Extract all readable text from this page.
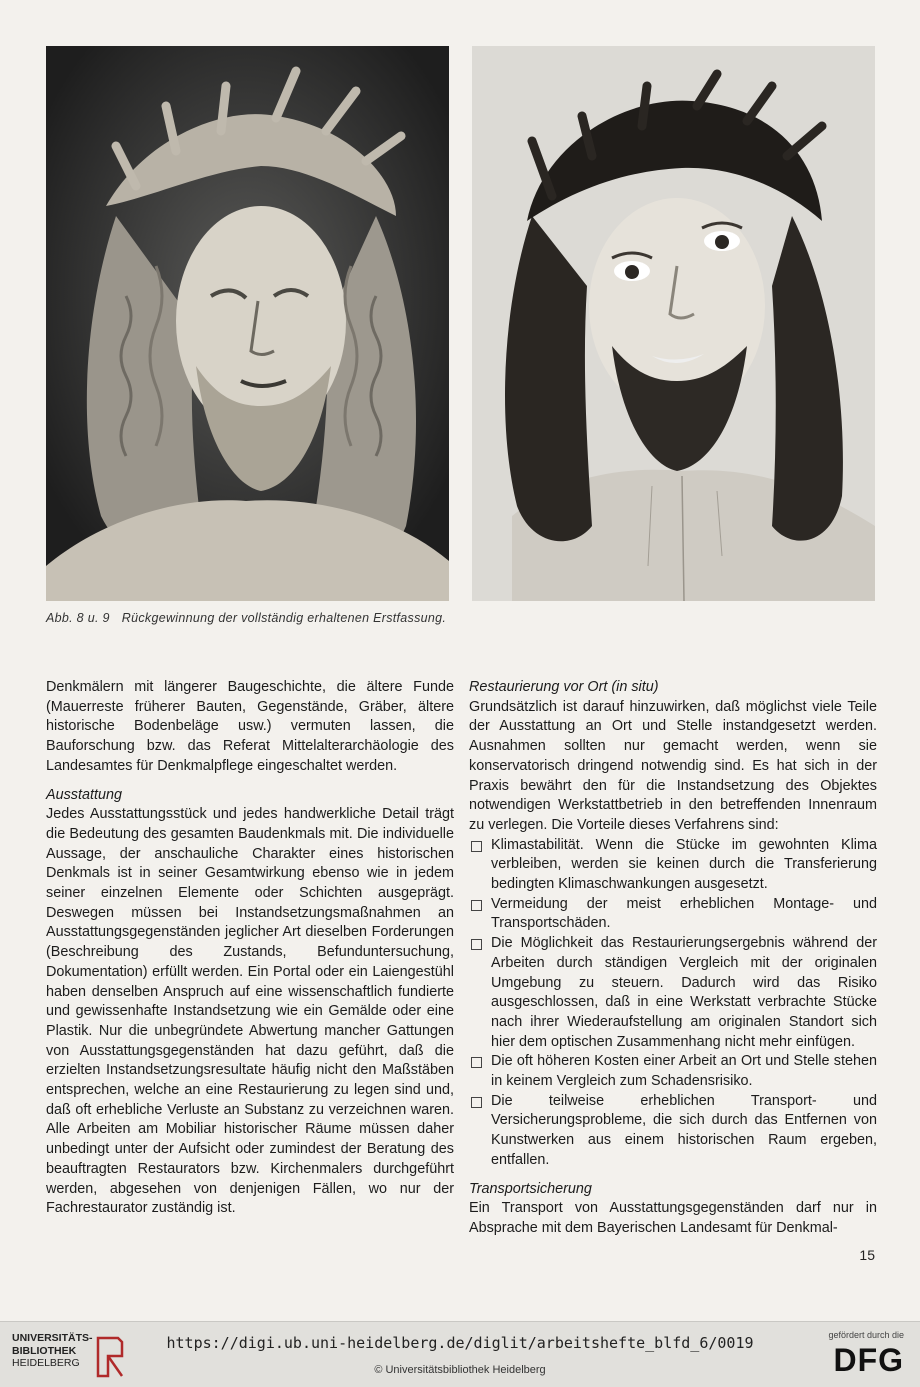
Abb. 8 u. 9 Rückgewinnung der vollständig erhaltenen Erstfassung.

Denkmälern mit längerer Baugeschichte, die ältere Funde (Mauerreste früherer Bauten, Gegenstände, Gräber, ältere historische Bodenbeläge usw.) vermuten lassen, die Bauforschung bzw. das Referat Mittelalterarchäologie des Landesamtes für Denkmalpflege eingeschaltet werden.

Ausstattung

Jedes Ausstattungsstück und jedes handwerkliche Detail trägt die Bedeutung des gesamten Baudenkmals mit. Die individuelle Aussage, der anschauliche Charakter eines historischen Denkmals ist in seiner Gesamtwirkung ebenso wie in jedem seiner einzelnen Elemente oder Schichten ausgeprägt. Deswegen müssen bei Instandsetzungsmaßnahmen an Ausstattungsgegenständen jeglicher Art dieselben Forderungen (Beschreibung des Zustands, Befunduntersuchung, Dokumentation) erfüllt werden. Ein Portal oder ein Laiengestühl haben denselben Anspruch auf eine wissenschaftlich fundierte und gewissenhafte Instandsetzung wie ein Gemälde oder eine Plastik. Nur die unbegründete Abwertung mancher Gattungen von Ausstattungsgegenständen hat dazu geführt, daß die erzielten Instandsetzungsresultate häufig nicht den Maßstäben entsprechen, welche an eine Restaurierung zu legen sind und, daß oft erhebliche Verluste an Substanz zu verzeichnen waren. Alle Arbeiten am Mobiliar historischer Räume müssen daher unbedingt unter der Aufsicht oder zumindest der Beratung des beauftragten Restaurators bzw. Kirchenmalers durchgeführt werden, abgesehen von denjenigen Fällen, wo nur der Fachrestaurator zuständig ist.

Restaurierung vor Ort (in situ)

Grundsätzlich ist darauf hinzuwirken, daß möglichst viele Teile der Ausstattung an Ort und Stelle instandgesetzt werden. Ausnahmen sollten nur gemacht werden, wenn sie konservatorisch dringend notwendig sind. Es hat sich in der Praxis bewährt den für die Instandsetzung des Objektes notwendigen Werkstattbetrieb in den betreffenden Innenraum zu verlegen. Die Vorteile dieses Verfahrens sind:

Klimastabilität. Wenn die Stücke im gewohnten Klima verbleiben, werden sie keinen durch die Transferierung bedingten Klimaschwankungen ausgesetzt.
Vermeidung der meist erheblichen Montage- und Transportschäden.
Die Möglichkeit das Restaurierungsergebnis während der Arbeiten durch ständigen Vergleich mit der originalen Umgebung zu steuern. Dadurch wird das Risiko ausgeschlossen, daß in eine Werkstatt verbrachte Stücke nach ihrer Wiederaufstellung am originalen Standort sich hier dem optischen Zusammenhang nicht mehr einfügen.
Die oft höheren Kosten einer Arbeit an Ort und Stelle stehen in keinem Vergleich zum Schadensrisiko.
Die teilweise erheblichen Transport- und Versicherungsprobleme, die sich durch das Entfernen von Kunstwerken aus einem historischen Raum ergeben, entfallen.

Transportsicherung

Ein Transport von Ausstattungsgegenständen darf nur in Absprache mit dem Bayerischen Landesamt für Denkmal-

15
UNIVERSITÄTS-
BIBLIOTHEK
HEIDELBERG
https://digi.ub.uni-heidelberg.de/diglit/arbeitshefte_blfd_6/0019
© Universitätsbibliothek Heidelberg
gefördert durch die
DFG
